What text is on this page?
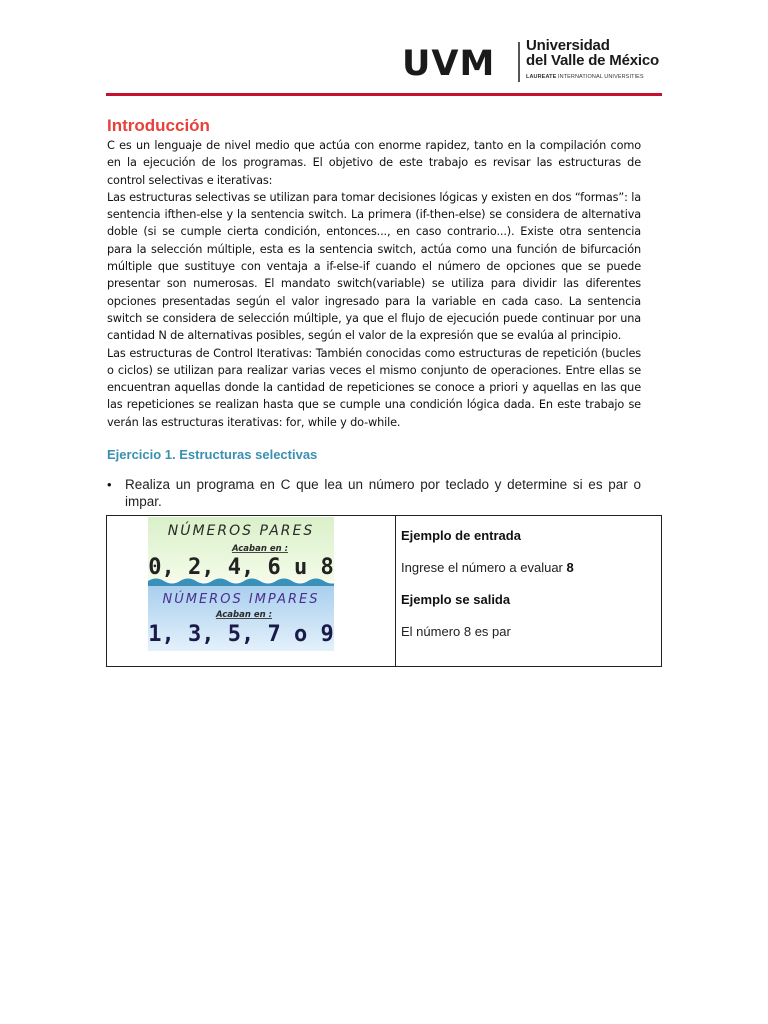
UVM Universidad
del Valle de México
LAUREATE INTERNATIONAL UNIVERSITIES
Introducción

C es un lenguaje de nivel medio que actúa con enorme rapidez, tanto en la compilación como en la ejecución de los programas. El objetivo de este trabajo es revisar las estructuras de control selectivas e iterativas:

Las estructuras selectivas se utilizan para tomar decisiones lógicas y existen en dos “formas”: la sentencia ifthen-else y la sentencia switch. La primera (if-then-else) se considera de alternativa doble (si se cumple cierta condición, entonces..., en caso contrario...). Existe otra sentencia para la selección múltiple, esta es la sentencia switch, actúa como una función de bifurcación múltiple que sustituye con ventaja a if-else-if cuando el número de opciones que se puede presentar son numerosas. El mandato switch(variable) se utiliza para dividir las diferentes opciones presentadas según el valor ingresado para la variable en cada caso. La sentencia switch se considera de selección múltiple, ya que el flujo de ejecución puede continuar por una cantidad N de alternativas posibles, según el valor de la expresión que se evalúa al principio.

Las estructuras de Control Iterativas: También conocidas como estructuras de repetición (bucles o ciclos) se utilizan para realizar varias veces el mismo conjunto de operaciones. Entre ellas se encuentran aquellas donde la cantidad de repeticiones se conoce a priori y aquellas en las que las repeticiones se realizan hasta que se cumple una condición lógica dada. En este trabajo se verán las estructuras iterativas: for, while y do-while.

Ejercicio 1. Estructuras selectivas
• Realiza un programa en C que lea un número por teclado y determine si es par o impar.
NÚMEROS PARES
Acaban en :
0, 2, 4, 6 u 8
NÚMEROS IMPARES
Acaban en :
1, 3, 5, 7 o 9
Ejemplo de entrada
Ingrese el número a evaluar 8
Ejemplo se salida
El número 8 es par
